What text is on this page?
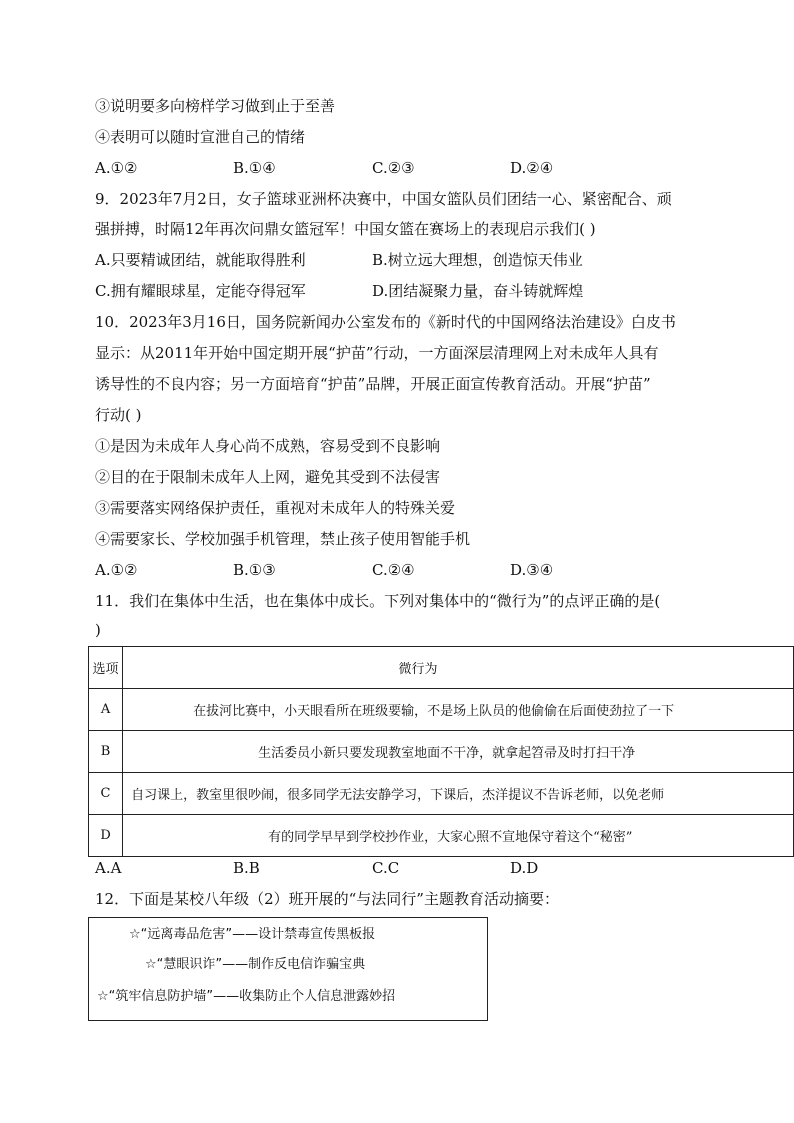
③说明要多向榜样学习做到止于至善
④表明可以随时宣泄自己的情绪
A.①②	B.①④	C.②③	D.②④
9．2023年7月2日，女子篮球亚洲杯决赛中，中国女篮队员们团结一心、紧密配合、顽
强拼搏，时隔12年再次问鼎女篮冠军！中国女篮在赛场上的表现启示我们( )
A.只要精诚团结，就能取得胜利	B.树立远大理想，创造惊天伟业
C.拥有耀眼球星，定能夺得冠军	D.团结凝聚力量，奋斗铸就辉煌
10．2023年3月16日，国务院新闻办公室发布的《新时代的中国网络法治建设》白皮书
显示：从2011年开始中国定期开展“护苗”行动，一方面深层清理网上对未成年人具有
诱导性的不良内容；另一方面培育“护苗”品牌，开展正面宣传教育活动。开展“护苗”
行动( )
①是因为未成年人身心尚不成熟，容易受到不良影响
②目的在于限制未成年人上网，避免其受到不法侵害
③需要落实网络保护责任，重视对未成年人的特殊关爱
④需要家长、学校加强手机管理，禁止孩子使用智能手机
A.①②	B.①③	C.②④	D.③④
11．我们在集体中生活，也在集体中成长。下列对集体中的“微行为”的点评正确的是(
)
选项	微行为
A	在拔河比赛中，小天眼看所在班级要输，不是场上队员的他偷偷在后面使劲拉了一下
B	生活委员小新只要发现教室地面不干净，就拿起笤帚及时打扫干净
C	自习课上，教室里很吵闹，很多同学无法安静学习，下课后，杰洋提议不告诉老师，以免老师
D	有的同学早早到学校抄作业，大家心照不宣地保守着这个“秘密”
A.A	B.B	C.C	D.D
12．下面是某校八年级（2）班开展的“与法同行”主题教育活动摘要：
☆“远离毒品危害”——设计禁毒宣传黑板报
☆“慧眼识诈”——制作反电信诈骗宝典
☆“筑牢信息防护墙”——收集防止个人信息泄露妙招
